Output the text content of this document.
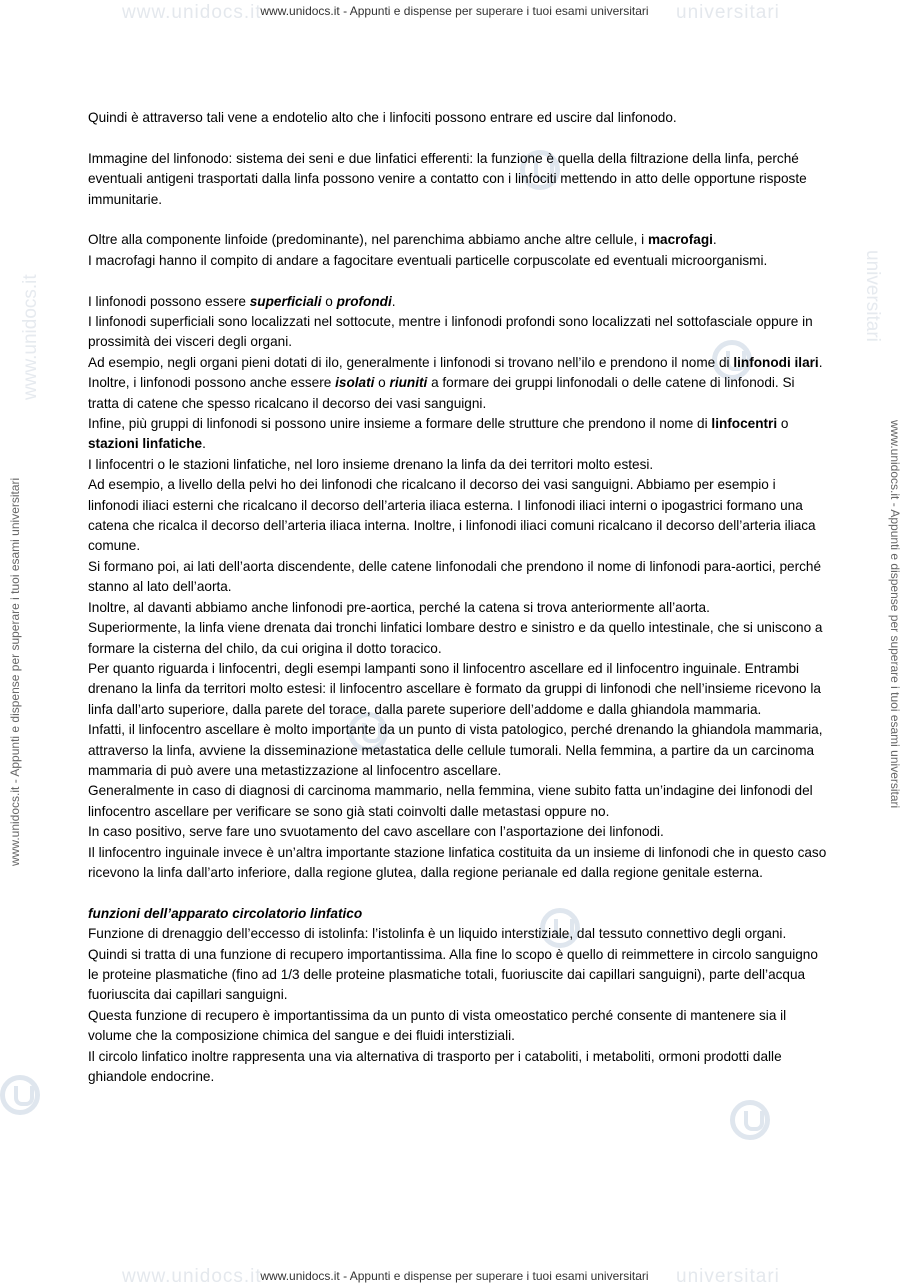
www.unidocs.it	universitari
www.unidocs.it - Appunti e dispense per superare i tuoi esami universitari
www.unidocs.it	universitari
www.unidocs.it - Appunti e dispense per superare i tuoi esami universitari	www.unidocs.it - Appunti e dispense per superare i tuoi esami universitari

Quindi è attraverso tali vene a endotelio alto che i linfociti possono entrare ed uscire dal linfonodo.

Immagine del linfonodo: sistema dei seni e due linfatici efferenti: la funzione è quella della filtrazione della linfa, perché eventuali antigeni trasportati dalla linfa possono venire a contatto con i linfociti mettendo in atto delle opportune risposte immunitarie.

Oltre alla componente linfoide (predominante), nel parenchima abbiamo anche altre cellule, i macrofagi.

I macrofagi hanno il compito di andare a fagocitare eventuali particelle corpuscolate ed eventuali microorganismi.

I linfonodi possono essere superficiali o profondi.

I linfonodi superficiali sono localizzati nel sottocute, mentre i linfonodi profondi sono localizzati nel sottofasciale oppure in prossimità dei visceri degli organi.

Ad esempio, negli organi pieni dotati di ilo, generalmente i linfonodi si trovano nell’ilo e prendono il nome di linfonodi ilari.

Inoltre, i linfonodi possono anche essere isolati o riuniti a formare dei gruppi linfonodali o delle catene di linfonodi. Si tratta di catene che spesso ricalcano il decorso dei vasi sanguigni.

Infine, più gruppi di linfonodi si possono unire insieme a formare delle strutture che prendono il nome di linfocentri o stazioni linfatiche.

I linfocentri o le stazioni linfatiche, nel loro insieme drenano la linfa da dei territori molto estesi.

Ad esempio, a livello della pelvi ho dei linfonodi che ricalcano il decorso dei vasi sanguigni. Abbiamo per esempio i linfonodi iliaci esterni che ricalcano il decorso dell’arteria iliaca esterna. I linfonodi iliaci interni o ipogastrici formano una catena che ricalca il decorso dell’arteria iliaca interna. Inoltre, i linfonodi iliaci comuni ricalcano il decorso dell’arteria iliaca comune.

Si formano poi, ai lati dell’aorta discendente, delle catene linfonodali che prendono il nome di linfonodi para-aortici, perché stanno al lato dell’aorta.

Inoltre, al davanti abbiamo anche linfonodi pre-aortica, perché la catena si trova anteriormente all’aorta.

Superiormente, la linfa viene drenata dai tronchi linfatici lombare destro e sinistro e da quello intestinale, che si uniscono a formare la cisterna del chilo, da cui origina il dotto toracico.

Per quanto riguarda i linfocentri, degli esempi lampanti sono il linfocentro ascellare ed il linfocentro inguinale. Entrambi drenano la linfa da territori molto estesi: il linfocentro ascellare è formato da gruppi di linfonodi che nell’insieme ricevono la linfa dall’arto superiore, dalla parete del torace, dalla parete superiore dell’addome e dalla ghiandola mammaria.

Infatti, il linfocentro ascellare è molto importante da un punto di vista patologico, perché drenando la ghiandola mammaria, attraverso la linfa, avviene la disseminazione metastatica delle cellule tumorali. Nella femmina, a partire da un carcinoma mammaria di può avere una metastizzazione al linfocentro ascellare.

Generalmente in caso di diagnosi di carcinoma mammario, nella femmina, viene subito fatta un’indagine dei linfonodi del linfocentro ascellare per verificare se sono già stati coinvolti dalle metastasi oppure no.

In caso positivo, serve fare uno svuotamento del cavo ascellare con l’asportazione dei linfonodi.

Il linfocentro inguinale invece è un’altra importante stazione linfatica costituita da un insieme di linfonodi che in questo caso ricevono la linfa dall’arto inferiore, dalla regione glutea, dalla regione perianale ed dalla regione genitale esterna.

funzioni dell’apparato circolatorio linfatico

Funzione di drenaggio dell’eccesso di istolinfa: l’istolinfa è un liquido interstiziale, dal tessuto connettivo degli organi. Quindi si tratta di una funzione di recupero importantissima. Alla fine lo scopo è quello di reimmettere in circolo sanguigno le proteine plasmatiche (fino ad 1/3 delle proteine plasmatiche totali, fuoriuscite dai capillari sanguigni), parte dell’acqua fuoriuscita dai capillari sanguigni.

Questa funzione di recupero è importantissima da un punto di vista omeostatico perché consente di mantenere sia il volume che la composizione chimica del sangue e dei fluidi interstiziali.

Il circolo linfatico inoltre rappresenta una via alternativa di trasporto per i cataboliti, i metaboliti, ormoni prodotti dalle ghiandole endocrine.

www.unidocs.it	universitari
www.unidocs.it - Appunti e dispense per superare i tuoi esami universitari
